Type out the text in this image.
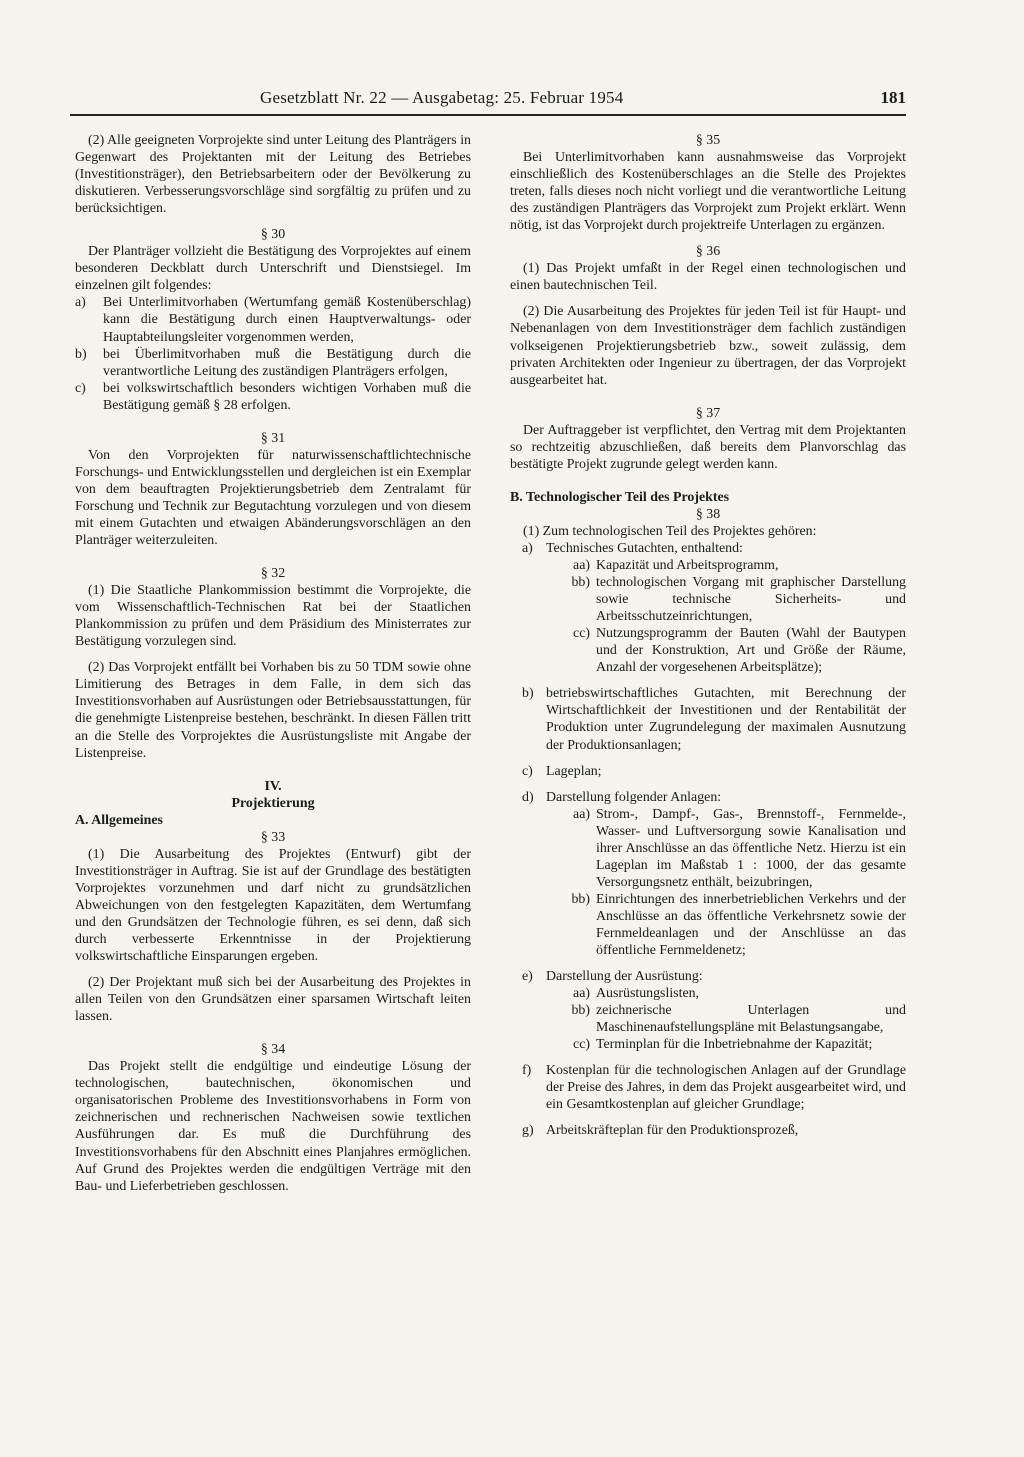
Gesetzblatt Nr. 22 — Ausgabetag: 25. Februar 1954	181

(2) Alle geeigneten Vorprojekte sind unter Leitung des Planträgers in Gegenwart des Projektanten mit der Leitung des Betriebes (Investitionsträger), den Betriebsarbeitern oder der Bevölkerung zu diskutieren. Verbesserungsvorschläge sind sorgfältig zu prüfen und zu berücksichtigen.

§ 30

Der Planträger vollzieht die Bestätigung des Vorprojektes auf einem besonderen Deckblatt durch Unterschrift und Dienstsiegel. Im einzelnen gilt folgendes:

a)	Bei Unterlimitvorhaben (Wertumfang gemäß Kostenüberschlag) kann die Bestätigung durch einen Hauptverwaltungs- oder Hauptabteilungsleiter vorgenommen werden,
b)	bei Überlimitvorhaben muß die Bestätigung durch die verantwortliche Leitung des zuständigen Planträgers erfolgen,
c)	bei volkswirtschaftlich besonders wichtigen Vorhaben muß die Bestätigung gemäß § 28 erfolgen.

§ 31

Von den Vorprojekten für naturwissenschaftlichtechnische Forschungs- und Entwicklungsstellen und dergleichen ist ein Exemplar von dem beauftragten Projektierungsbetrieb dem Zentralamt für Forschung und Technik zur Begutachtung vorzulegen und von diesem mit einem Gutachten und etwaigen Abänderungsvorschlägen an den Planträger weiterzuleiten.

§ 32

(1) Die Staatliche Plankommission bestimmt die Vorprojekte, die vom Wissenschaftlich-Technischen Rat bei der Staatlichen Plankommission zu prüfen und dem Präsidium des Ministerrates zur Bestätigung vorzulegen sind.

(2) Das Vorprojekt entfällt bei Vorhaben bis zu 50 TDM sowie ohne Limitierung des Betrages in dem Falle, in dem sich das Investitionsvorhaben auf Ausrüstungen oder Betriebsausstattungen, für die genehmigte Listenpreise bestehen, beschränkt. In diesen Fällen tritt an die Stelle des Vorprojektes die Ausrüstungsliste mit Angabe der Listenpreise.

IV.

Projektierung

A. Allgemeines

§ 33

(1) Die Ausarbeitung des Projektes (Entwurf) gibt der Investitionsträger in Auftrag. Sie ist auf der Grundlage des bestätigten Vorprojektes vorzunehmen und darf nicht zu grundsätzlichen Abweichungen von den festgelegten Kapazitäten, dem Wertumfang und den Grundsätzen der Technologie führen, es sei denn, daß sich durch verbesserte Erkenntnisse in der Projektierung volkswirtschaftliche Einsparungen ergeben.

(2) Der Projektant muß sich bei der Ausarbeitung des Projektes in allen Teilen von den Grundsätzen einer sparsamen Wirtschaft leiten lassen.

§ 34

Das Projekt stellt die endgültige und eindeutige Lösung der technologischen, bautechnischen, ökonomischen und organisatorischen Probleme des Investitionsvorhabens in Form von zeichnerischen und rechnerischen Nachweisen sowie textlichen Ausführungen dar. Es muß die Durchführung des Investitionsvorhabens für den Abschnitt eines Planjahres ermöglichen. Auf Grund des Projektes werden die endgültigen Verträge mit den Bau- und Lieferbetrieben geschlossen.

§ 35

Bei Unterlimitvorhaben kann ausnahmsweise das Vorprojekt einschließlich des Kostenüberschlages an die Stelle des Projektes treten, falls dieses noch nicht vorliegt und die verantwortliche Leitung des zuständigen Planträgers das Vorprojekt zum Projekt erklärt. Wenn nötig, ist das Vorprojekt durch projektreife Unterlagen zu ergänzen.

§ 36

(1) Das Projekt umfaßt in der Regel einen technologischen und einen bautechnischen Teil.

(2) Die Ausarbeitung des Projektes für jeden Teil ist für Haupt- und Nebenanlagen von dem Investitionsträger dem fachlich zuständigen volkseigenen Projektierungsbetrieb bzw., soweit zulässig, dem privaten Architekten oder Ingenieur zu übertragen, der das Vorprojekt ausgearbeitet hat.

§ 37

Der Auftraggeber ist verpflichtet, den Vertrag mit dem Projektanten so rechtzeitig abzuschließen, daß bereits dem Planvorschlag das bestätigte Projekt zugrunde gelegt werden kann.

B. Technologischer Teil des Projektes

§ 38

(1) Zum technologischen Teil des Projektes gehören:

a) Technisches Gutachten, enthaltend:
aa) Kapazität und Arbeitsprogramm,
bb) technologischen Vorgang mit graphischer Darstellung sowie technische Sicherheits- und Arbeitsschutzeinrichtungen,
cc) Nutzungsprogramm der Bauten (Wahl der Bautypen und der Konstruktion, Art und Größe der Räume, Anzahl der vorgesehenen Arbeitsplätze);
b) betriebswirtschaftliches Gutachten, mit Berechnung der Wirtschaftlichkeit der Investitionen und der Rentabilität der Produktion unter Zugrundelegung der maximalen Ausnutzung der Produktionsanlagen;
c) Lageplan;
d) Darstellung folgender Anlagen:
aa) Strom-, Dampf-, Gas-, Brennstoff-, Fernmelde-, Wasser- und Luftversorgung sowie Kanalisation und ihrer Anschlüsse an das öffentliche Netz. Hierzu ist ein Lageplan im Maßstab 1 : 1000, der das gesamte Versorgungsnetz enthält, beizubringen,
bb) Einrichtungen des innerbetrieblichen Verkehrs und der Anschlüsse an das öffentliche Verkehrsnetz sowie der Fernmeldeanlagen und der Anschlüsse an das öffentliche Fernmeldenetz;
e) Darstellung der Ausrüstung:
aa) Ausrüstungslisten,
bb) zeichnerische Unterlagen und Maschinenaufstellungspläne mit Belastungsangabe,
cc) Terminplan für die Inbetriebnahme der Kapazität;
f)	Kostenplan für die technologischen Anlagen auf der Grundlage der Preise des Jahres, in dem das Projekt ausgearbeitet wird, und ein Gesamtkostenplan auf gleicher Grundlage;
g) Arbeitskräfteplan für den Produktionsprozeß,
